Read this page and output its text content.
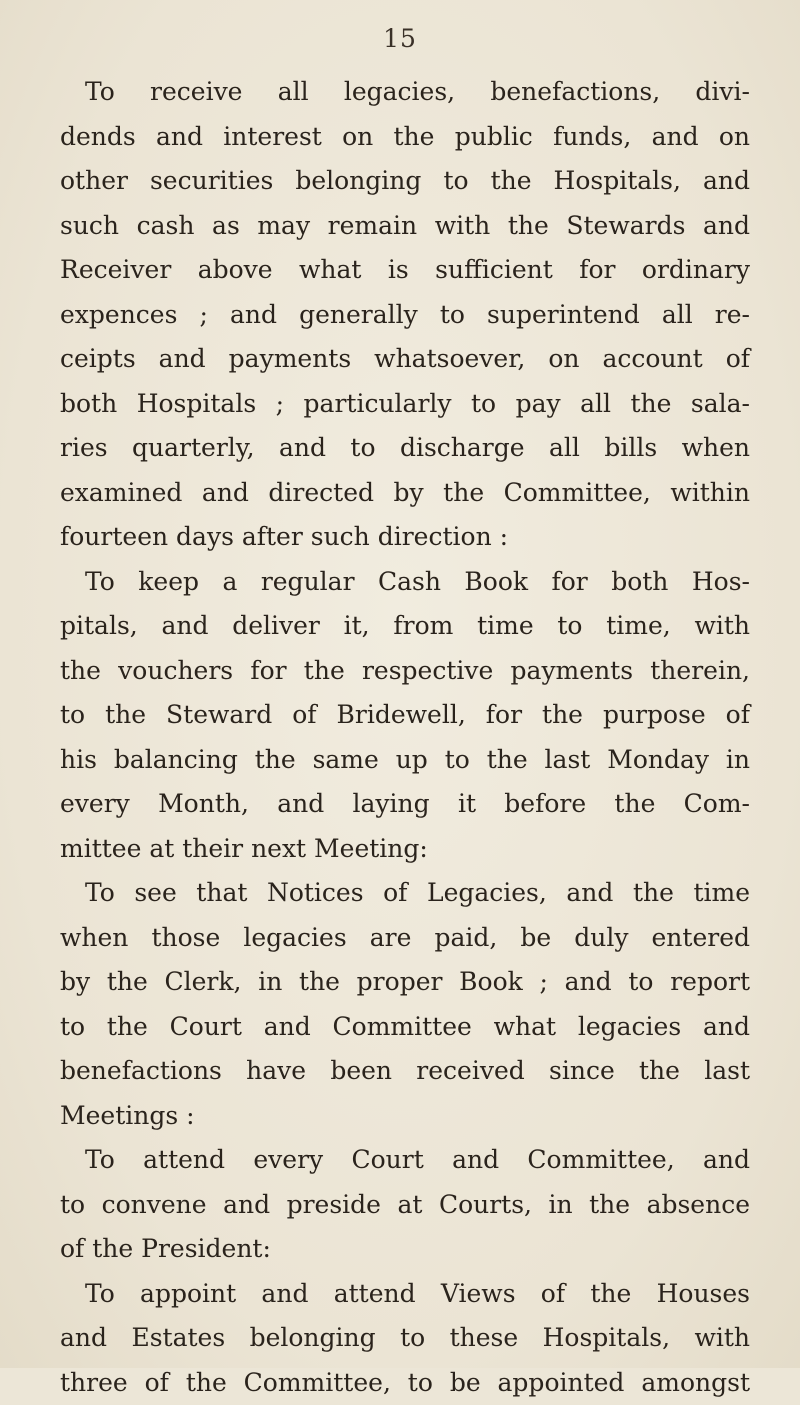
15
To receive all legacies, benefactions, divi-
dends and interest on the public funds, and on
other securities belonging to the Hospitals, and
such cash as may remain with the Stewards and
Receiver above what is sufficient for ordinary
expences ; and generally to superintend all re-
ceipts and payments whatsoever, on account of
both Hospitals ; particularly to pay all the sala-
ries quarterly, and to discharge all bills when
examined and directed by the Committee, within
fourteen days after such direction :
To keep a regular Cash Book for both Hos-
pitals, and deliver it, from time to time, with
the vouchers for the respective payments therein,
to the Steward of Bridewell, for the purpose of
his balancing the same up to the last Monday in
every Month, and laying it before the Com-
mittee at their next Meeting:
To see that Notices of Legacies, and the time
when those legacies are paid, be duly entered
by the Clerk, in the proper Book ; and to report
to the Court and Committee what legacies and
benefactions have been received since the last
Meetings :
To attend every Court and Committee, and
to convene and preside at Courts, in the absence
of the President:
To appoint and attend Views of the Houses
and Estates belonging to these Hospitals, with
three of the Committee, to be appointed amongst
